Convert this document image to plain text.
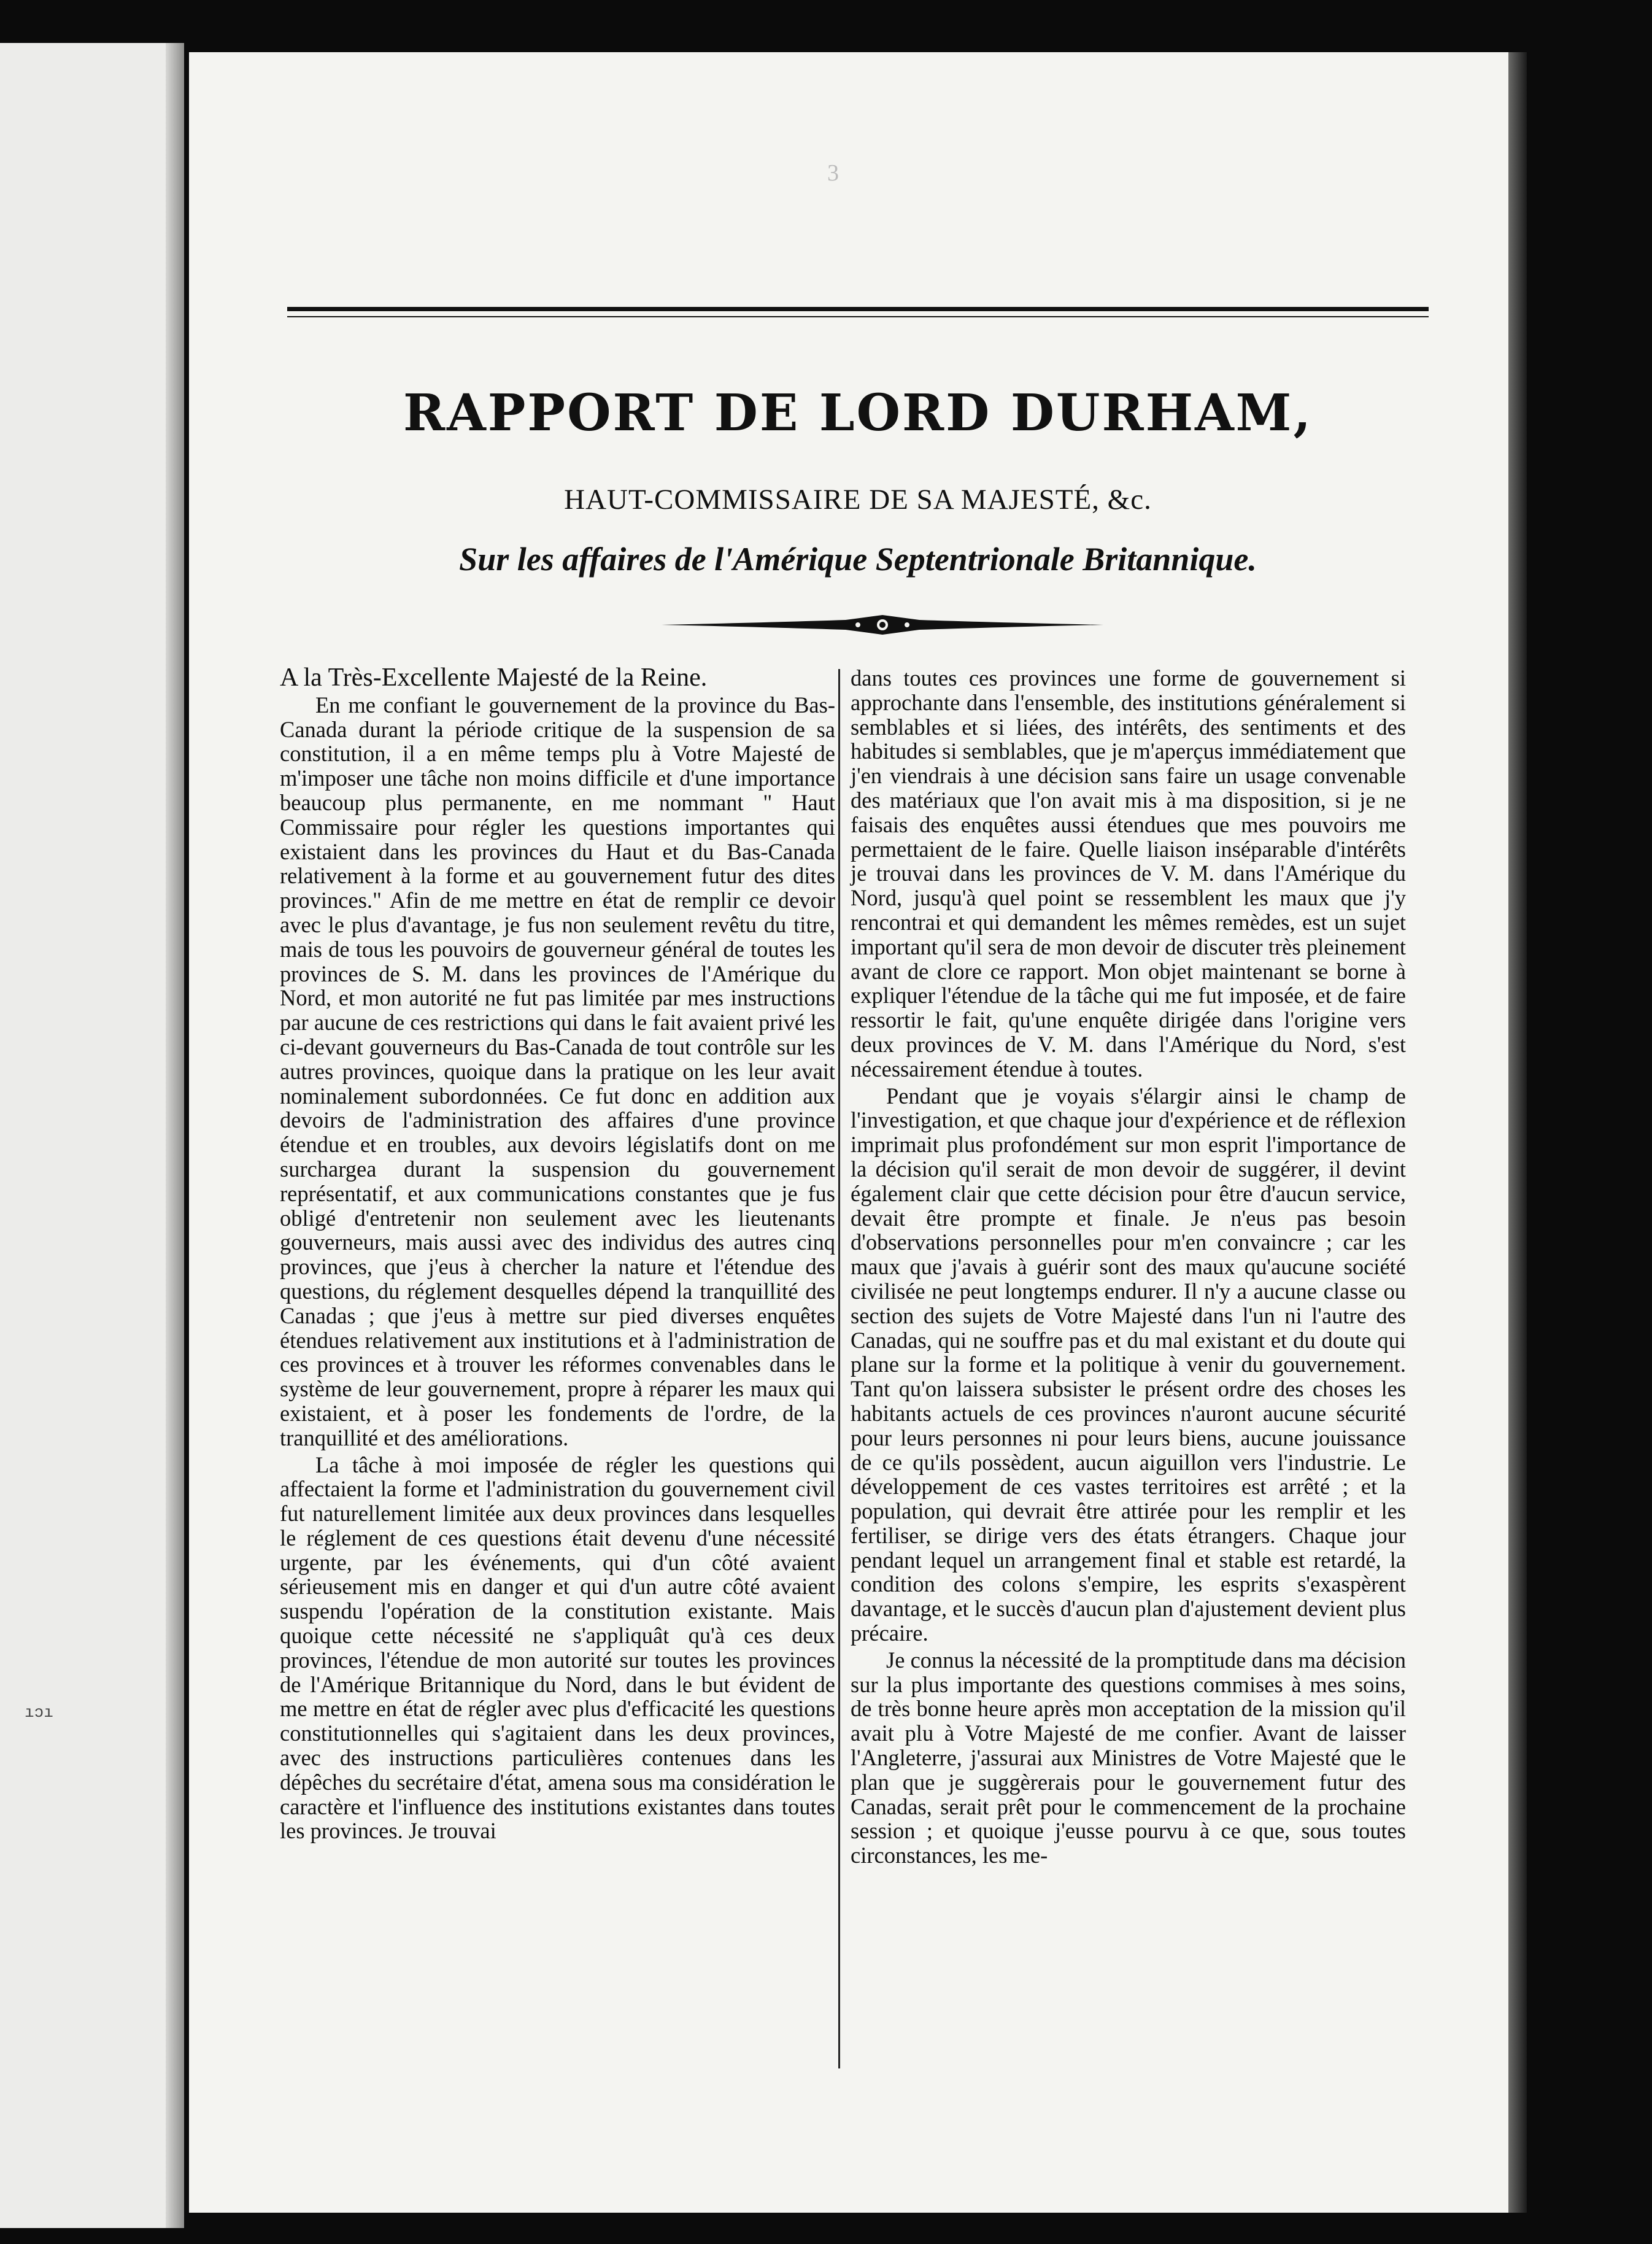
ıɔı
3
RAPPORT DE LORD DURHAM,
HAUT-COMMISSAIRE DE SA MAJESTÉ, &c.
Sur les affaires de l'Amérique Septentrionale Britannique.

A la Très-Excellente Majesté de la Reine.

En me confiant le gouvernement de la province du Bas-Canada durant la période critique de la suspension de sa constitution, il a en même temps plu à Votre Majesté de m'imposer une tâche non moins difficile et d'une importance beaucoup plus permanente, en me nommant " Haut Commissaire pour régler les questions importantes qui existaient dans les provinces du Haut et du Bas-Canada relativement à la forme et au gouvernement futur des dites provinces." Afin de me mettre en état de remplir ce devoir avec le plus d'avantage, je fus non seulement revêtu du titre, mais de tous les pouvoirs de gouverneur général de toutes les provinces de S. M. dans les provinces de l'Amérique du Nord, et mon autorité ne fut pas limitée par mes instructions par aucune de ces restrictions qui dans le fait avaient privé les ci-devant gouverneurs du Bas-Canada de tout contrôle sur les autres provinces, quoique dans la pratique on les leur avait nominalement subordonnées. Ce fut donc en addition aux devoirs de l'administration des affaires d'une province étendue et en troubles, aux devoirs législatifs dont on me surchargea durant la suspension du gouvernement représentatif, et aux communications constantes que je fus obligé d'entretenir non seulement avec les lieutenants gouverneurs, mais aussi avec des individus des autres cinq provinces, que j'eus à chercher la nature et l'étendue des questions, du réglement desquelles dépend la tranquillité des Canadas ; que j'eus à mettre sur pied diverses enquêtes étendues relativement aux institutions et à l'administration de ces provinces et à trouver les réformes convenables dans le système de leur gouvernement, propre à réparer les maux qui existaient, et à poser les fondements de l'ordre, de la tranquillité et des améliorations.

La tâche à moi imposée de régler les questions qui affectaient la forme et l'administration du gouvernement civil fut naturellement limitée aux deux provinces dans lesquelles le réglement de ces questions était devenu d'une nécessité urgente, par les événements, qui d'un côté avaient sérieusement mis en danger et qui d'un autre côté avaient suspendu l'opération de la constitution existante. Mais quoique cette nécessité ne s'appliquât qu'à ces deux provinces, l'étendue de mon autorité sur toutes les provinces de l'Amérique Britannique du Nord, dans le but évident de me mettre en état de régler avec plus d'efficacité les questions constitutionnelles qui s'agitaient dans les deux provinces, avec des instructions particulières contenues dans les dépêches du secrétaire d'état, amena sous ma considération le caractère et l'influence des institutions existantes dans toutes les provinces. Je trouvai

dans toutes ces provinces une forme de gouvernement si approchante dans l'ensemble, des institutions généralement si semblables et si liées, des intérêts, des sentiments et des habitudes si semblables, que je m'aperçus immédiatement que j'en viendrais à une décision sans faire un usage convenable des matériaux que l'on avait mis à ma disposition, si je ne faisais des enquêtes aussi étendues que mes pouvoirs me permettaient de le faire. Quelle liaison inséparable d'intérêts je trouvai dans les provinces de V. M. dans l'Amérique du Nord, jusqu'à quel point se ressemblent les maux que j'y rencontrai et qui demandent les mêmes remèdes, est un sujet important qu'il sera de mon devoir de discuter très pleinement avant de clore ce rapport. Mon objet maintenant se borne à expliquer l'étendue de la tâche qui me fut imposée, et de faire ressortir le fait, qu'une enquête dirigée dans l'origine vers deux provinces de V. M. dans l'Amérique du Nord, s'est nécessairement étendue à toutes.

Pendant que je voyais s'élargir ainsi le champ de l'investigation, et que chaque jour d'expérience et de réflexion imprimait plus profondément sur mon esprit l'importance de la décision qu'il serait de mon devoir de suggérer, il devint également clair que cette décision pour être d'aucun service, devait être prompte et finale. Je n'eus pas besoin d'observations personnelles pour m'en convaincre ; car les maux que j'avais à guérir sont des maux qu'aucune société civilisée ne peut longtemps endurer. Il n'y a aucune classe ou section des sujets de Votre Majesté dans l'un ni l'autre des Canadas, qui ne souffre pas et du mal existant et du doute qui plane sur la forme et la politique à venir du gouvernement. Tant qu'on laissera subsister le présent ordre des choses les habitants actuels de ces provinces n'auront aucune sécurité pour leurs personnes ni pour leurs biens, aucune jouissance de ce qu'ils possèdent, aucun aiguillon vers l'industrie. Le développement de ces vastes territoires est arrêté ; et la population, qui devrait être attirée pour les remplir et les fertiliser, se dirige vers des états étrangers. Chaque jour pendant lequel un arrangement final et stable est retardé, la condition des colons s'empire, les esprits s'exaspèrent davantage, et le succès d'aucun plan d'ajustement devient plus précaire.

Je connus la nécessité de la promptitude dans ma décision sur la plus importante des questions commises à mes soins, de très bonne heure après mon acceptation de la mission qu'il avait plu à Votre Majesté de me confier. Avant de laisser l'Angleterre, j'assurai aux Ministres de Votre Majesté que le plan que je suggèrerais pour le gouvernement futur des Canadas, serait prêt pour le commencement de la prochaine session ; et quoique j'eusse pourvu à ce que, sous toutes circonstances, les me-
